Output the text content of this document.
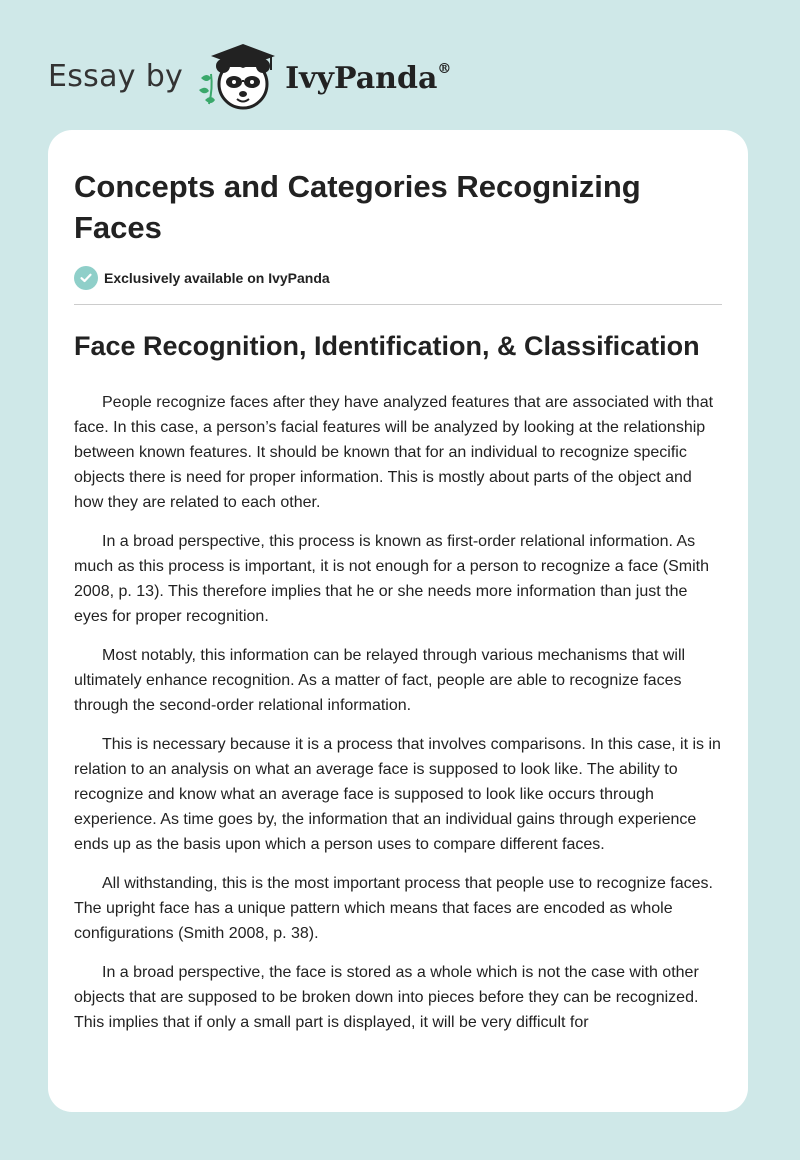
Essay by	IvyPanda®
Concepts and Categories Recognizing Faces
Exclusively available on IvyPanda
Face Recognition, Identification, & Classification

People recognize faces after they have analyzed features that are associated with that face. In this case, a person’s facial features will be analyzed by looking at the relationship between known features. It should be known that for an individual to recognize specific objects there is need for proper information. This is mostly about parts of the object and how they are related to each other.

In a broad perspective, this process is known as first-order relational information. As much as this process is important, it is not enough for a person to recognize a face (Smith 2008, p. 13). This therefore implies that he or she needs more information than just the eyes for proper recognition.

Most notably, this information can be relayed through various mechanisms that will ultimately enhance recognition. As a matter of fact, people are able to recognize faces through the second-order relational information.

This is necessary because it is a process that involves comparisons. In this case, it is in relation to an analysis on what an average face is supposed to look like. The ability to recognize and know what an average face is supposed to look like occurs through experience. As time goes by, the information that an individual gains through experience ends up as the basis upon which a person uses to compare different faces.

All withstanding, this is the most important process that people use to recognize faces. The upright face has a unique pattern which means that faces are encoded as whole configurations (Smith 2008, p. 38).

In a broad perspective, the face is stored as a whole which is not the case with other objects that are supposed to be broken down into pieces before they can be recognized. This implies that if only a small part is displayed, it will be very difficult for
